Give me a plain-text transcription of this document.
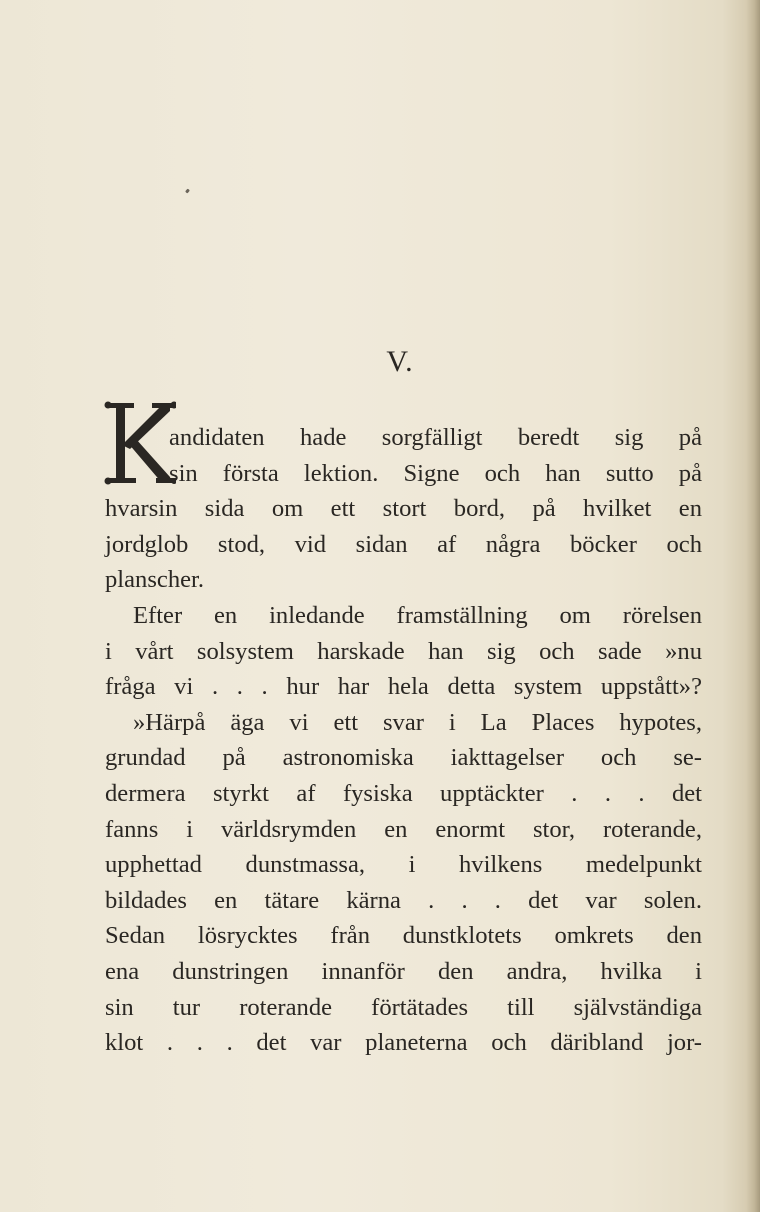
V.
andidaten hade sorgfälligt beredt sig på
sin första lektion. Signe och han sutto på
hvarsin sida om ett stort bord, på hvilket en
jordglob stod, vid sidan af några böcker och
planscher.
Efter en inledande framställning om rörelsen
i vårt solsystem harskade han sig och sade »nu
fråga vi . . . hur har hela detta system uppstått»?
»Härpå äga vi ett svar i La Places hypotes,
grundad på astronomiska iakttagelser och se-
dermera styrkt af fysiska upptäckter . . . det
fanns i världsrymden en enormt stor, roterande,
upphettad dunstmassa, i hvilkens medelpunkt
bildades en tätare kärna . . . det var solen.
Sedan lösrycktes från dunstklotets omkrets den
ena dunstringen innanför den andra, hvilka i
sin tur roterande förtätades till självständiga
klot . . . det var planeterna och däribland jor-
